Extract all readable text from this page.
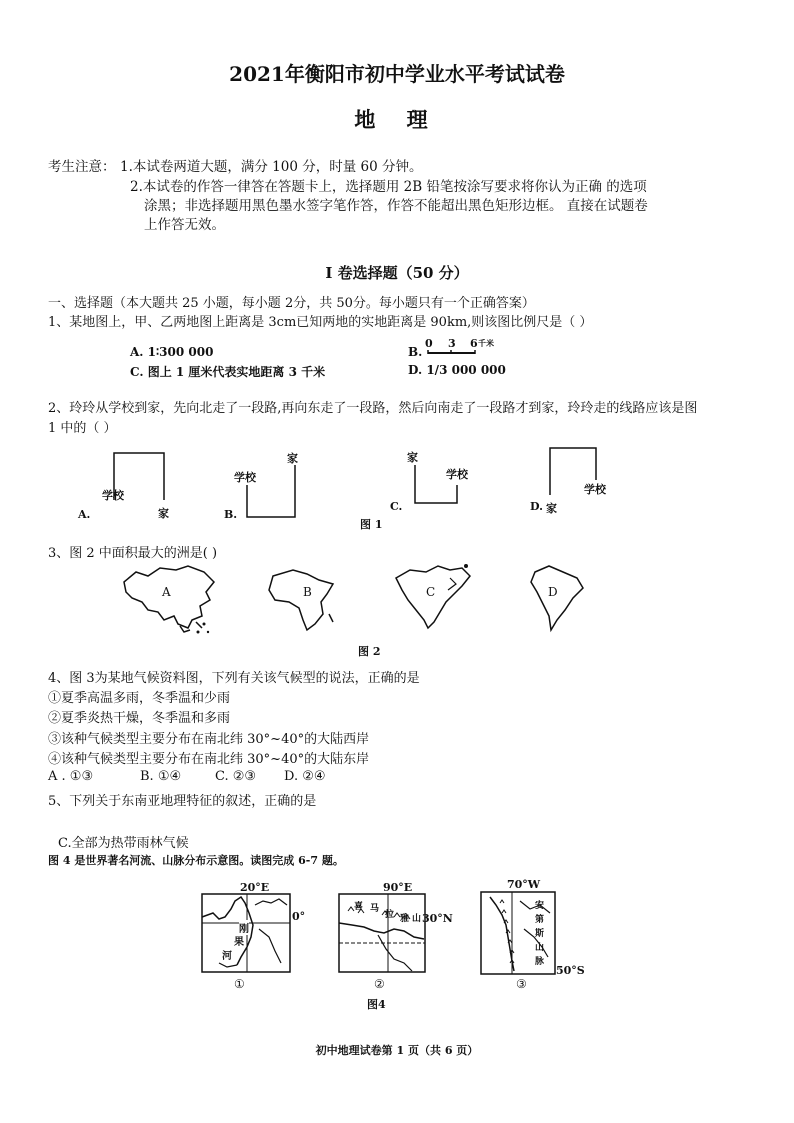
2021年衡阳市初中学业水平考试试卷
地 理
考生注意： 1.本试卷两道大题，满分 100 分，时量 60 分钟。
2.本试卷的作答一律答在答题卡上，选择题用 2B 铅笔按涂写要求将你认为正确 的选项
涂黑；非选择题用黑色墨水签字笔作答，作答不能超出黑色矩形边框。 直接在试题卷
上作答无效。
I 卷选择题（50 分）
一、选择题（本大题共 25 小题，每小题 2分，共 50分。每小题只有一个正确答案）
1、某地图上，甲、乙两地图上距离是 3cm已知两地的实地距离是 90km,则该图比例尺是（ ）
A. 1∶300 000	B.
0 3 6 千米
C. 图上 1 厘米代表实地距离 3 千米	D. 1/3 000 000
2、玲玲从学校到家，先向北走了一段路,再向东走了一段路，然后向南走了一段路才到家，玲玲走的线路应该是图
1 中的（ ）
A.
学校
家	B.
学校
家
C.
家
学校
D. 家
学校
图 1
3、图 2 中面积最大的洲是( )
A	B	C	D
图 2
4、图 3为某地气候资料图，下列有关该气候型的说法，正确的是
①夏季高温多雨，冬季温和少雨
②夏季炎热干燥，冬季温和多雨
③该种气候类型主要分布在南北纬 30°~40°的大陆西岸
④该种气候类型主要分布在南北纬 30°~40°的大陆东岸
A . ①③	B. ①④	C. ②③ D. ②④
5、下列关于东南亚地理特征的叙述，正确的是
C.全部为热带雨林气候
图 4 是世界著名河流、山脉分布示意图。读图完成 6-7 题。
20°E
0°
刚
果
河
①
90°E
30°N
喜 马
拉 雅 山
②
70°W
安
第
斯
山
脉
50°S
③
图4
初中地理试卷第 1 页（共 6 页）
